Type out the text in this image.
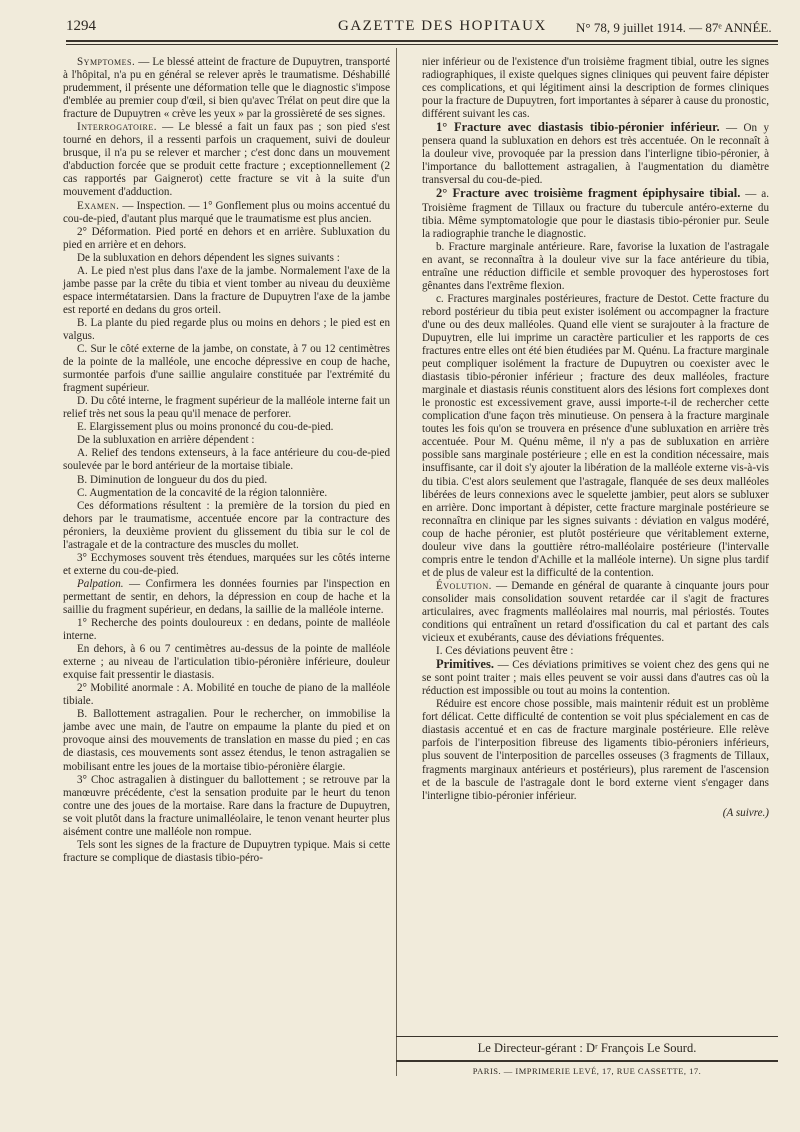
1294	GAZETTE DES HOPITAUX N° 78, 9 juillet 1914. — 87ᵉ ANNÉE.

Symptomes. — Le blessé atteint de fracture de Dupuytren, transporté à l'hôpital, n'a pu en général se relever après le traumatisme. Déshabillé prudemment, il présente une déformation telle que le diagnostic s'impose d'emblée au premier coup d'œil, si bien qu'avec Trélat on peut dire que la fracture de Dupuytren « crève les yeux » par la grossièreté de ses signes.

Interrogatoire. — Le blessé a fait un faux pas ; son pied s'est tourné en dehors, il a ressenti parfois un craquement, suivi de douleur brusque, il n'a pu se relever et marcher ; c'est donc dans un mouvement d'abduction forcée que se produit cette fracture ; exceptionnellement (2 cas rapportés par Gaignerot) cette fracture se vit à la suite d'un mouvement d'adduction.

Examen. — Inspection. — 1° Gonflement plus ou moins accentué du cou-de-pied, d'autant plus marqué que le traumatisme est plus ancien.

2° Déformation. Pied porté en dehors et en arrière. Subluxation du pied en arrière et en dehors.

De la subluxation en dehors dépendent les signes suivants :

A. Le pied n'est plus dans l'axe de la jambe. Normalement l'axe de la jambe passe par la crête du tibia et vient tomber au niveau du deuxième espace intermétatarsien. Dans la fracture de Dupuytren l'axe de la jambe est reporté en dedans du gros orteil.

B. La plante du pied regarde plus ou moins en dehors ; le pied est en valgus.

C. Sur le côté externe de la jambe, on constate, à 7 ou 12 centimètres de la pointe de la malléole, une encoche dépressive en coup de hache, surmontée parfois d'une saillie angulaire constituée par l'extrémité du fragment supérieur.

D. Du côté interne, le fragment supérieur de la malléole interne fait un relief très net sous la peau qu'il menace de perforer.

E. Elargissement plus ou moins prononcé du cou-de-pied.

De la subluxation en arrière dépendent :

A. Relief des tendons extenseurs, à la face antérieure du cou-de-pied soulevée par le bord antérieur de la mortaise tibiale.

B. Diminution de longueur du dos du pied.

C. Augmentation de la concavité de la région talonnière.

Ces déformations résultent : la première de la torsion du pied en dehors par le traumatisme, accentuée encore par la contracture des péroniers, la deuxième provient du glissement du tibia sur le col de l'astragale et de la contracture des muscles du mollet.

3° Ecchymoses souvent très étendues, marquées sur les côtés interne et externe du cou-de-pied.

Palpation. — Confirmera les données fournies par l'inspection en permettant de sentir, en dehors, la dépression en coup de hache et la saillie du fragment supérieur, en dedans, la saillie de la malléole interne.

1° Recherche des points douloureux : en dedans, pointe de malléole interne.

En dehors, à 6 ou 7 centimètres au-dessus de la pointe de malléole externe ; au niveau de l'articulation tibio-péronière inférieure, douleur exquise fait pressentir le diastasis.

2° Mobilité anormale : A. Mobilité en touche de piano de la malléole tibiale.

B. Ballottement astragalien. Pour le rechercher, on immobilise la jambe avec une main, de l'autre on empaume la plante du pied et on provoque ainsi des mouvements de translation en masse du pied ; en cas de diastasis, ces mouvements sont assez étendus, le tenon astragalien se mobilisant entre les joues de la mortaise tibio-péronière élargie.

3° Choc astragalien à distinguer du ballottement ; se retrouve par la manœuvre précédente, c'est la sensation produite par le heurt du tenon contre une des joues de la mortaise. Rare dans la fracture de Dupuytren, se voit plutôt dans la fracture unimalléolaire, le tenon venant heurter plus aisément contre une malléole non rompue.

Tels sont les signes de la fracture de Dupuytren typique. Mais si cette fracture se complique de diastasis tibio-péro-

nier inférieur ou de l'existence d'un troisième fragment tibial, outre les signes radiographiques, il existe quelques signes cliniques qui peuvent faire dépister ces complications, et qui légitiment ainsi la description de formes cliniques pour la fracture de Dupuytren, fort importantes à séparer à cause du pronostic, différent suivant les cas.

1° Fracture avec diastasis tibio-péronier inférieur. — On y pensera quand la subluxation en dehors est très accentuée. On le reconnaît à la douleur vive, provoquée par la pression dans l'interligne tibio-péronier, à l'importance du ballottement astragalien, à l'augmentation du diamètre transversal du cou-de-pied.

2° Fracture avec troisième fragment épiphysaire tibial. — a. Troisième fragment de Tillaux ou fracture du tubercule antéro-externe du tibia. Même symptomatologie que pour le diastasis tibio-péronier pur. Seule la radiographie tranche le diagnostic.

b. Fracture marginale antérieure. Rare, favorise la luxation de l'astragale en avant, se reconnaîtra à la douleur vive sur la face antérieure du tibia, entraîne une réduction difficile et semble provoquer des hyperostoses fort gênantes dans l'extrême flexion.

c. Fractures marginales postérieures, fracture de Destot. Cette fracture du rebord postérieur du tibia peut exister isolément ou accompagner la fracture d'une ou des deux malléoles. Quand elle vient se surajouter à la fracture de Dupuytren, elle lui imprime un caractère particulier et les rapports de ces fractures entre elles ont été bien étudiées par M. Quénu. La fracture marginale peut compliquer isolément la fracture de Dupuytren ou coexister avec le diastasis tibio-péronier inférieur ; fracture des deux malléoles, fracture marginale et diastasis réunis constituent alors des lésions fort complexes dont le pronostic est excessivement grave, aussi importe-t-il de rechercher cette complication d'une façon très minutieuse. On pensera à la fracture marginale toutes les fois qu'on se trouvera en présence d'une subluxation en arrière très accentuée. Pour M. Quénu même, il n'y a pas de subluxation en arrière possible sans marginale postérieure ; elle en est la condition nécessaire, mais insuffisante, car il doit s'y ajouter la libération de la malléole externe vis-à-vis du tibia. C'est alors seulement que l'astragale, flanquée de ses deux malléoles libérées de leurs connexions avec le squelette jambier, peut alors se subluxer en arrière. Donc important à dépister, cette fracture marginale postérieure se reconnaîtra en clinique par les signes suivants : déviation en valgus modéré, coup de hache péronier, est plutôt postérieure que véritablement externe, douleur vive dans la gouttière rétro-malléolaire postérieure (l'intervalle compris entre le tendon d'Achille et la malléole interne). Un signe plus tardif et de plus de valeur est la difficulté de la contention.

Évolution. — Demande en général de quarante à cinquante jours pour consolider mais consolidation souvent retardée car il s'agit de fractures articulaires, avec fragments malléolaires mal nourris, mal périostés. Toutes conditions qui entraînent un retard d'ossification du cal et partant des cals vicieux et exubérants, cause des déviations fréquentes.

I. Ces déviations peuvent être :

Primitives. — Ces déviations primitives se voient chez des gens qui ne se sont point traiter ; mais elles peuvent se voir aussi dans d'autres cas où la réduction est impossible ou tout au moins la contention.

Réduire est encore chose possible, mais maintenir réduit est un problème fort délicat. Cette difficulté de contention se voit plus spécialement en cas de diastasis accentué et en cas de fracture marginale postérieure. Elle relève parfois de l'interposition fibreuse des ligaments tibio-péroniers inférieurs, plus souvent de l'interposition de parcelles osseuses (3 fragments de Tillaux, fragments marginaux antérieurs et postérieurs), plus rarement de l'ascension et de la bascule de l'astragale dont le bord externe vient s'engager dans l'interligne tibio-péronier inférieur.

(A suivre.)

Le Directeur-gérant : Dʳ François Le Sourd.
PARIS. — IMPRIMERIE LEVÉ, 17, RUE CASSETTE, 17.
